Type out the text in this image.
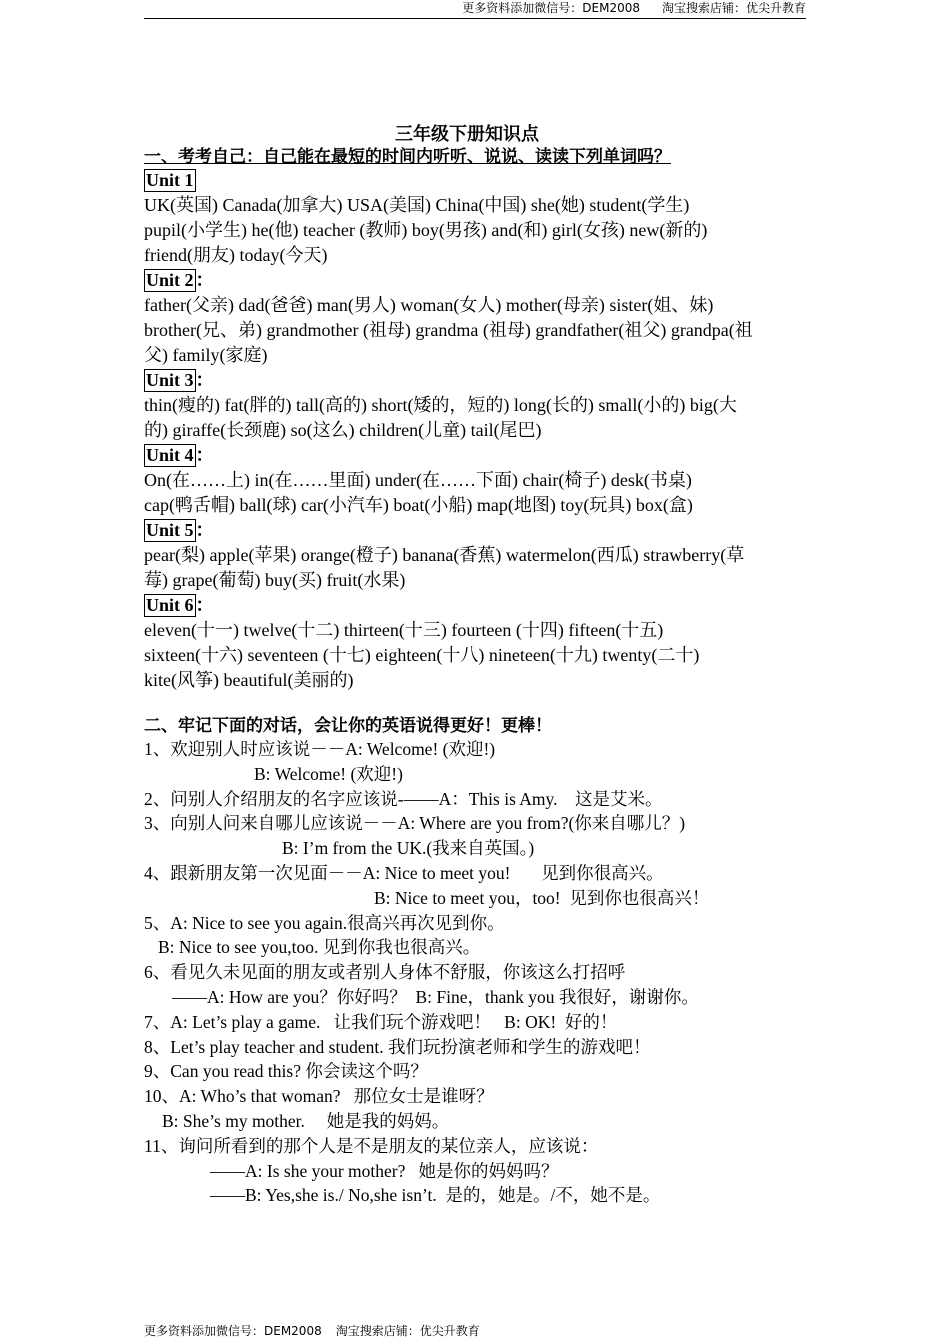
更多资料添加微信号：DEM2008 淘宝搜索店铺：优尖升教育
三年级下册知识点
一、考考自己：自己能在最短的时间内听听、说说、读读下列单词吗？
Unit 1
UK(英国) Canada(加拿大) USA(美国) China(中国) she(她) student(学生)
pupil(小学生) he(他) teacher (教师) boy(男孩) and(和) girl(女孩) new(新的)
friend(朋友) today(今天)
Unit 2 ：
father(父亲) dad(爸爸) man(男人) woman(女人) mother(母亲) sister(姐、妹)
brother(兄、弟) grandmother (祖母) grandma (祖母) grandfather(祖父) grandpa(祖
父) family(家庭)
Unit 3 ：
thin(瘦的) fat(胖的) tall(高的) short(矮的，短的) long(长的) small(小的) big(大
的) giraffe(长颈鹿) so(这么) children(儿童) tail(尾巴)
Unit 4 ：
On(在……上) in(在……里面) under(在……下面) chair(椅子) desk(书桌)
cap(鸭舌帽) ball(球) car(小汽车) boat(小船) map(地图) toy(玩具) box(盒)
Unit 5 ：
pear(梨) apple(苹果) orange(橙子) banana(香蕉) watermelon(西瓜) strawberry(草
莓) grape(葡萄) buy(买) fruit(水果)
Unit 6 ：
eleven(十一) twelve(十二) thirteen(十三) fourteen (十四) fifteen(十五)
sixteen(十六) seventeen (十七) eighteen(十八) nineteen(十九) twenty(二十)
kite(风筝) beautiful(美丽的)
二、牢记下面的对话，会让你的英语说得更好！更棒！
1、欢迎别人时应该说－－A: Welcome! (欢迎!)
B: Welcome! (欢迎!)
2、问别人介绍朋友的名字应该说-——A：This is Amy.    这是艾米。
3、向别人问来自哪儿应该说－－A: Where are you from?(你来自哪儿？)
B: I’m from the UK.(我来自英国。)
4、跟新朋友第一次见面－－A: Nice to meet you!       见到你很高兴。
B: Nice to meet you，too!  见到你也很高兴！
5、A: Nice to see you again.很高兴再次见到你。
B: Nice to see you,too. 见到你我也很高兴。
6、看见久未见面的朋友或者别人身体不舒服，你该这么打招呼
——A: How are you？你好吗？  B: Fine，thank you 我很好，谢谢你。
7、A: Let’s play a game.   让我们玩个游戏吧！   B: OK!  好的！
8、Let’s play teacher and student. 我们玩扮演老师和学生的游戏吧！
9、Can you read this? 你会读这个吗？
10、A: Who’s that woman?   那位女士是谁呀？
B: She’s my mother.     她是我的妈妈。
11、询问所看到的那个人是不是朋友的某位亲人，应该说：
——A: Is she your mother?   她是你的妈妈吗？
——B: Yes,she is./ No,she isn’t.  是的，她是。/不，她不是。
更多资料添加微信号：DEM2008 淘宝搜索店铺：优尖升教育
